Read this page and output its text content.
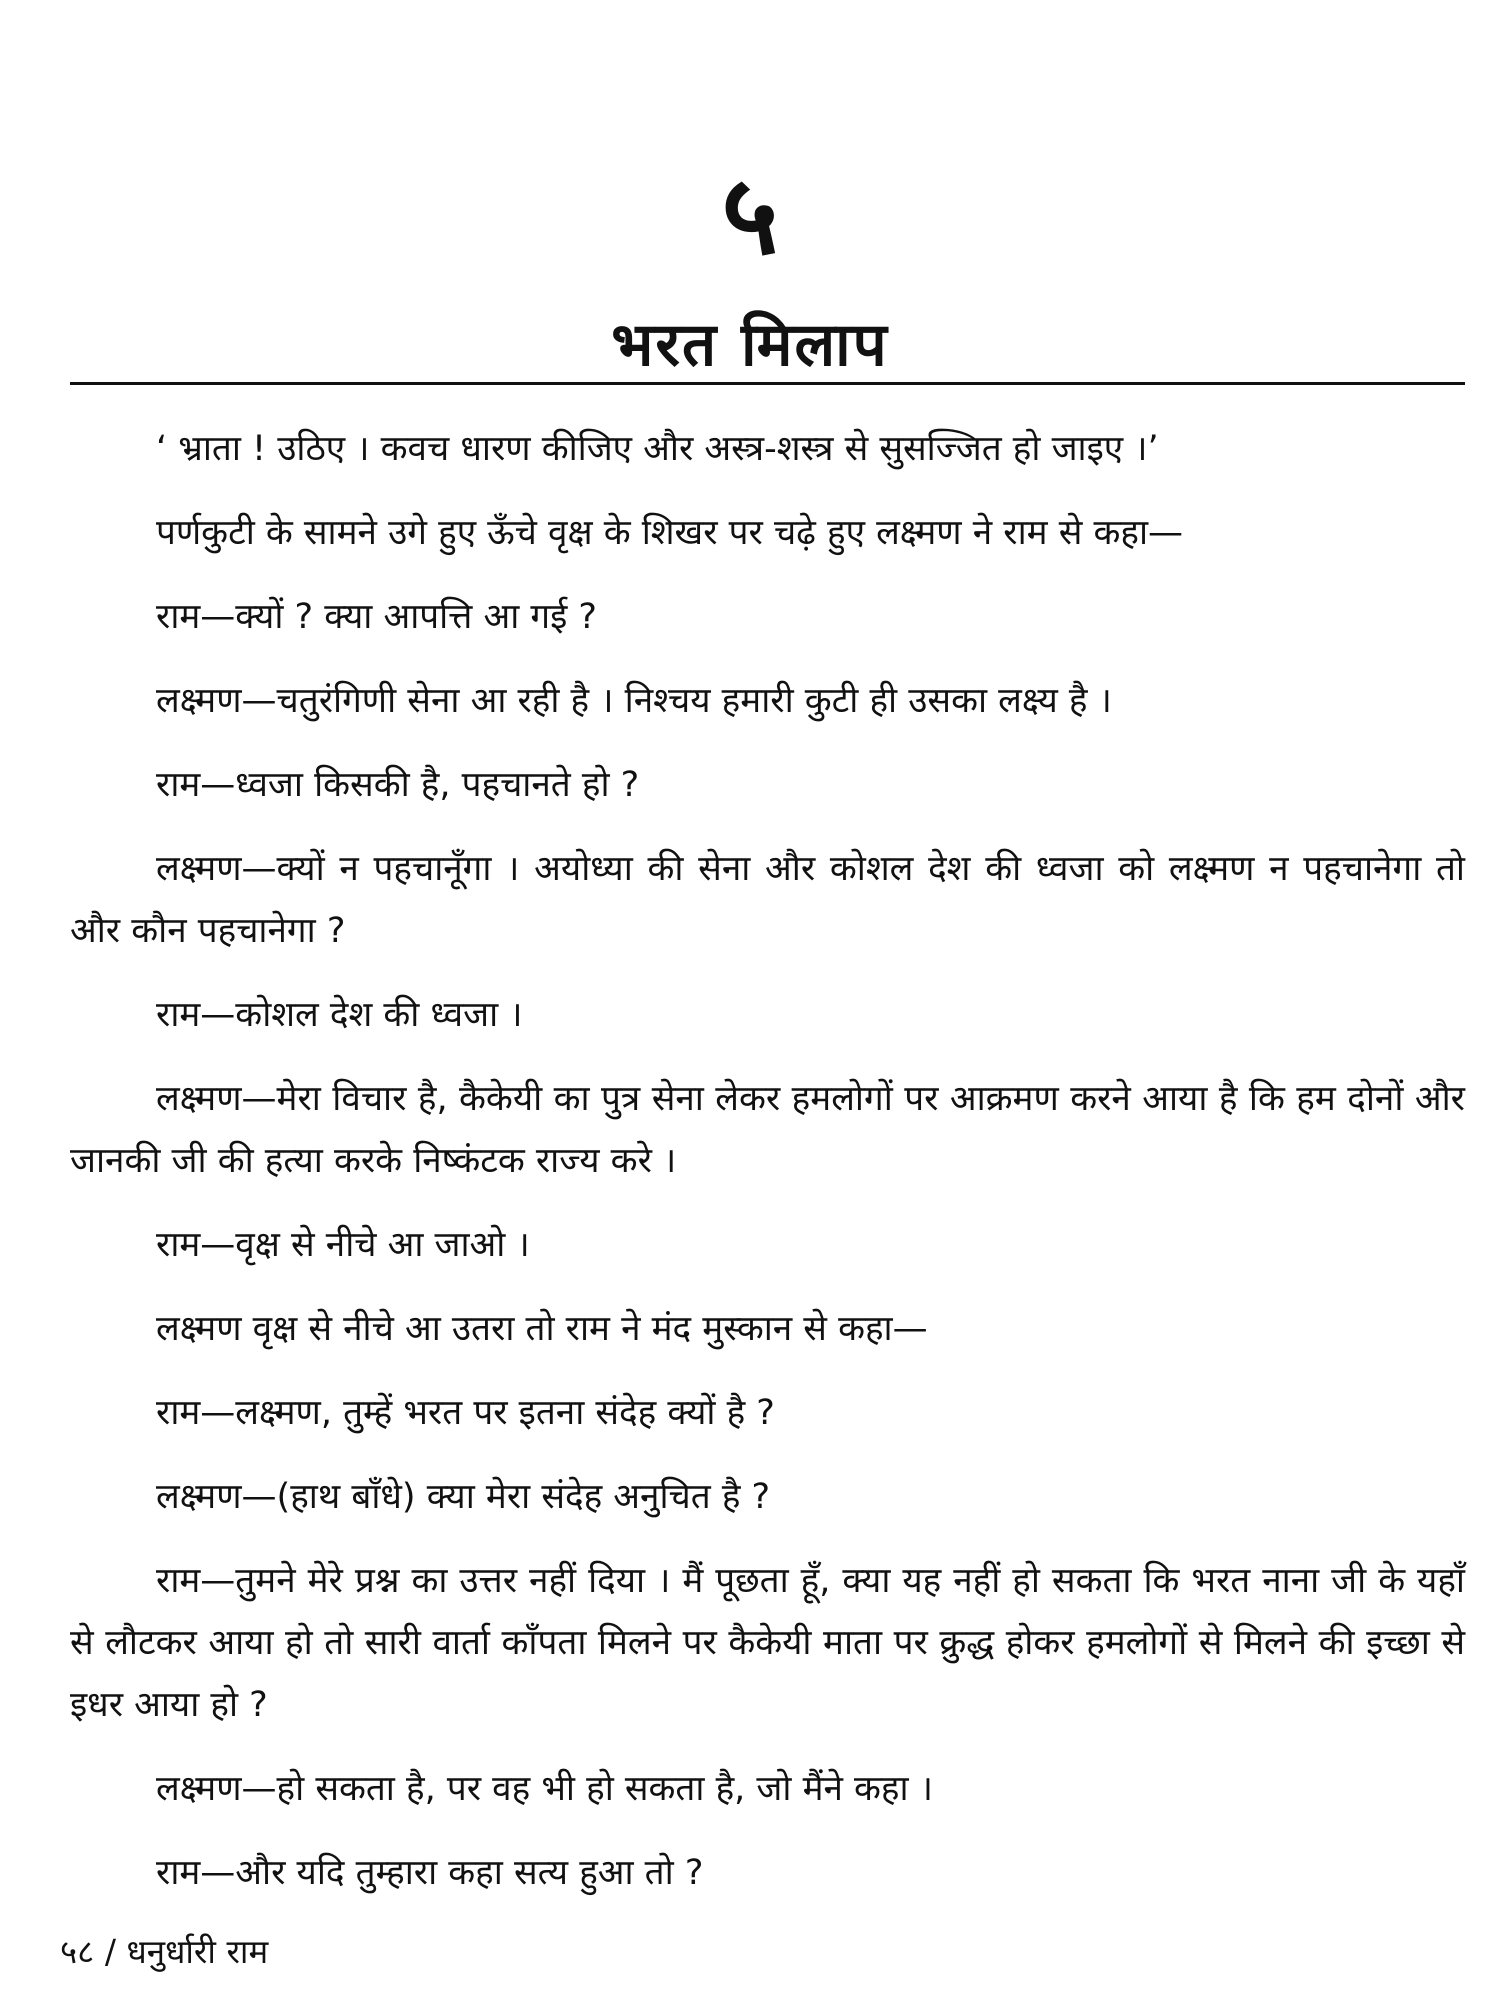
५
भरत मिलाप

‘ भ्राता ! उठिए । कवच धारण कीजिए और अस्त्र-शस्त्र से सुसज्जित हो जाइए ।’

पर्णकुटी के सामने उगे हुए ऊँचे वृक्ष के शिखर पर चढ़े हुए लक्ष्मण ने राम से कहा—

राम—क्यों ? क्या आपत्ति आ गई ?

लक्ष्मण—चतुरंगिणी सेना आ रही है । निश्चय हमारी कुटी ही उसका लक्ष्य है ।

राम—ध्वजा किसकी है, पहचानते हो ?

लक्ष्मण—क्यों न पहचानूँगा । अयोध्या की सेना और कोशल देश की ध्वजा को लक्ष्मण न पहचानेगा तो और कौन पहचानेगा ?

राम—कोशल देश की ध्वजा ।

लक्ष्मण—मेरा विचार है, कैकेयी का पुत्र सेना लेकर हमलोगों पर आक्रमण करने आया है कि हम दोनों और जानकी जी की हत्या करके निष्कंटक राज्य करे ।

राम—वृक्ष से नीचे आ जाओ ।

लक्ष्मण वृक्ष से नीचे आ उतरा तो राम ने मंद मुस्कान से कहा—

राम—लक्ष्मण, तुम्हें भरत पर इतना संदेह क्यों है ?

लक्ष्मण—(हाथ बाँधे) क्या मेरा संदेह अनुचित है ?

राम—तुमने मेरे प्रश्न का उत्तर नहीं दिया । मैं पूछता हूँ, क्या यह नहीं हो सकता कि भरत नाना जी के यहाँ से लौटकर आया हो तो सारी वार्ता काँपता मिलने पर कैकेयी माता पर क्रुद्ध होकर हमलोगों से मिलने की इच्छा से इधर आया हो ?

लक्ष्मण—हो सकता है, पर वह भी हो सकता है, जो मैंने कहा ।

राम—और यदि तुम्हारा कहा सत्य हुआ तो ?

५८ / धनुर्धारी राम
